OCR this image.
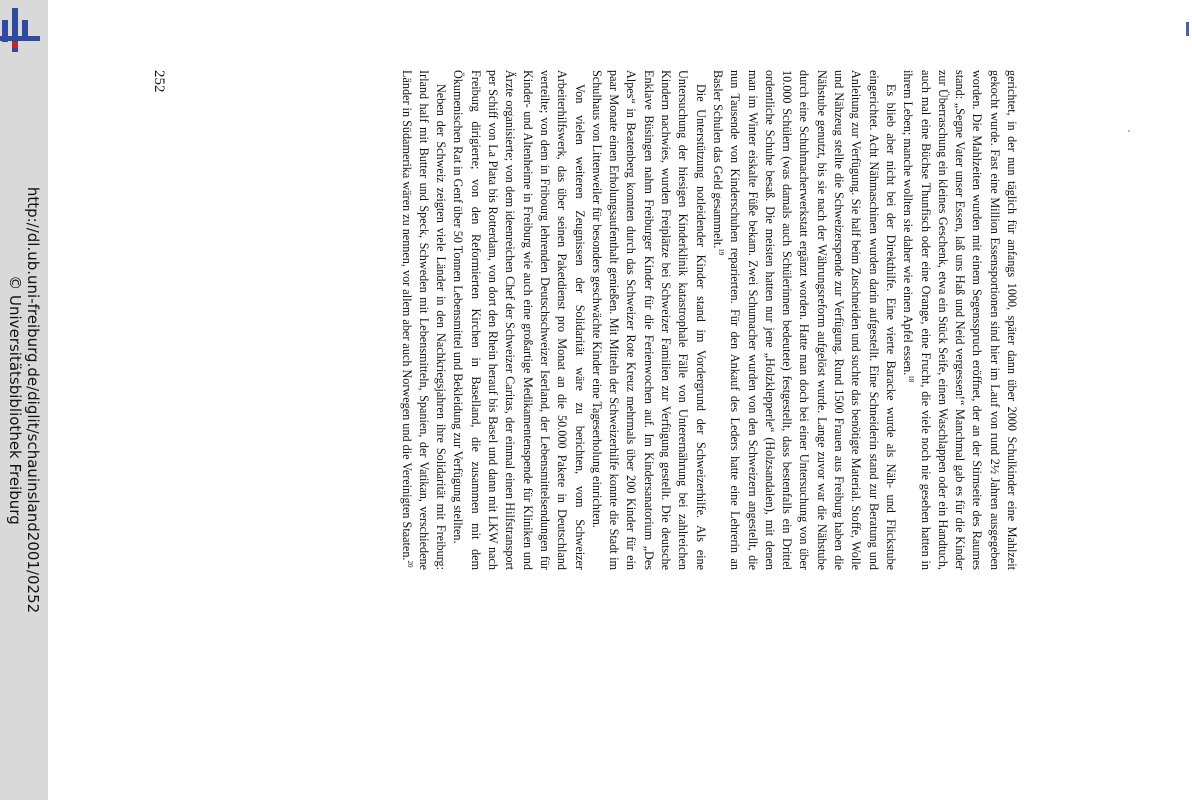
http://dl.ub.uni-freiburg.de/diglit/schauinsland2001/0252
© Universitätsbibliothek Freiburg	gerichtet, in der nun täglich für anfangs 1000, später dann über 2000 Schulkinder eine Mahlzeit gekocht wurde. Fast eine Million Essensportionen sind hier im Lauf von rund 2½ Jahren ausgegeben worden. Die Mahlzeiten wurden mit einem Segensspruch eröffnet, der an der Stirnseite des Raumes stand: „Segne Vater unser Essen, laß uns Haß und Neid vergessen!“ Manchmal gab es für die Kinder zur Überraschung ein kleines Geschenk, etwa ein Stück Seife, einen Waschlappen oder ein Handtuch, auch mal eine Büchse Thunfisch oder eine Orange, eine Frucht, die viele noch nie gesehen hatten in ihrem Leben; manche wollten sie daher wie einen Apfel essen.$^{18}$

Es blieb aber nicht bei der Direkthilfe. Eine vierte Baracke wurde als Näh- und Flickstube eingerichtet. Acht Nähmaschinen wurden darin aufgestellt. Eine Schneiderin stand zur Beratung und Anleitung zur Verfügung. Sie half beim Zuschneiden und suchte das benötigte Material. Stoffe, Wolle und Nähzeug stellte die Schweizerspende zur Verfügung. Rund 1500 Frauen aus Freiburg haben die Nähstube genutzt, bis sie nach der Währungsreform aufgelöst wurde. Lange zuvor war die Nähstube durch eine Schuhmacherwerkstatt ergänzt worden. Hatte man doch bei einer Untersuchung von über 10.000 Schülern (was damals auch Schülerinnen bedeutete) festgestellt, dass bestenfalls ein Drittel ordentliche Schuhe besaß. Die meisten hatten nur jene „Holzklepperle“ (Holzsandalen), mit denen man im Winter eiskalte Füße bekam. Zwei Schumacher wurden von den Schweizern angestellt, die nun Tausende von Kinderschuhen reparierten. Für den Ankauf des Leders hatte eine Lehrerin an Basler Schulen das Geld gesammelt.$^{19}$

Die Unterstützung notleidender Kinder stand im Vordergrund der Schweizerhilfe. Als eine Untersuchung der hiesigen Kinderklinik katastrophale Fälle von Unterernährung bei zahlreichen Kindern nachwies, wurden Freiplätze bei Schweizer Familien zur Verfügung gestellt. Die deutsche Enklave Büsingen nahm Freiburger Kinder für die Ferienwochen auf. Im Kindersanatorium „Des Alpes“ in Beatenberg konnten durch das Schweizer Rote Kreuz mehrmals über 200 Kinder für ein paar Monate einen Erholungsaufenthalt genießen. Mit Mitteln der Schweizerhilfe konnte die Stadt im Schulhaus von Littenweiler für besonders geschwächte Kinder eine Tageserholung einrichten.

Von vielen weiteren Zeugnissen der Solidarität wäre zu berichten, vom Schweizer Arbeiterhilfswerk, das über seinen Paketdienst pro Monat an die 50.000 Pakete in Deutschland verteilte; von dem in Fribourg lehrenden Deutschschweizer Iserland, der Lebensmittelsendungen für Kinder- und Altenheime in Freiburg wie auch eine großartige Medikamentenspende für Kliniken und Ärzte organisierte; von dem ideenreichen Chef der Schweizer Caritas, der einmal einen Hilfstransport per Schiff von La Plata bis Rotterdam, von dort den Rhein herauf bis Basel und dann mit LKW nach Freiburg dirigierte; von den Reformierten Kirchen in Baselland, die zusammen mit dem Ökumenischen Rat in Genf über 50 Tonnen Lebensmittel und Bekleidung zur Verfügung stellten.

Neben der Schweiz zeigten viele Länder in den Nachkriegsjahren ihre Solidarität mit Freiburg: Irland half mit Butter und Speck, Schweden mit Lebensmitteln, Spanien, der Vatikan, verschiedene Länder in Südamerika wären zu nennen, vor allem aber auch Norwegen und die Vereinigten Staaten.$^{20}$

252
